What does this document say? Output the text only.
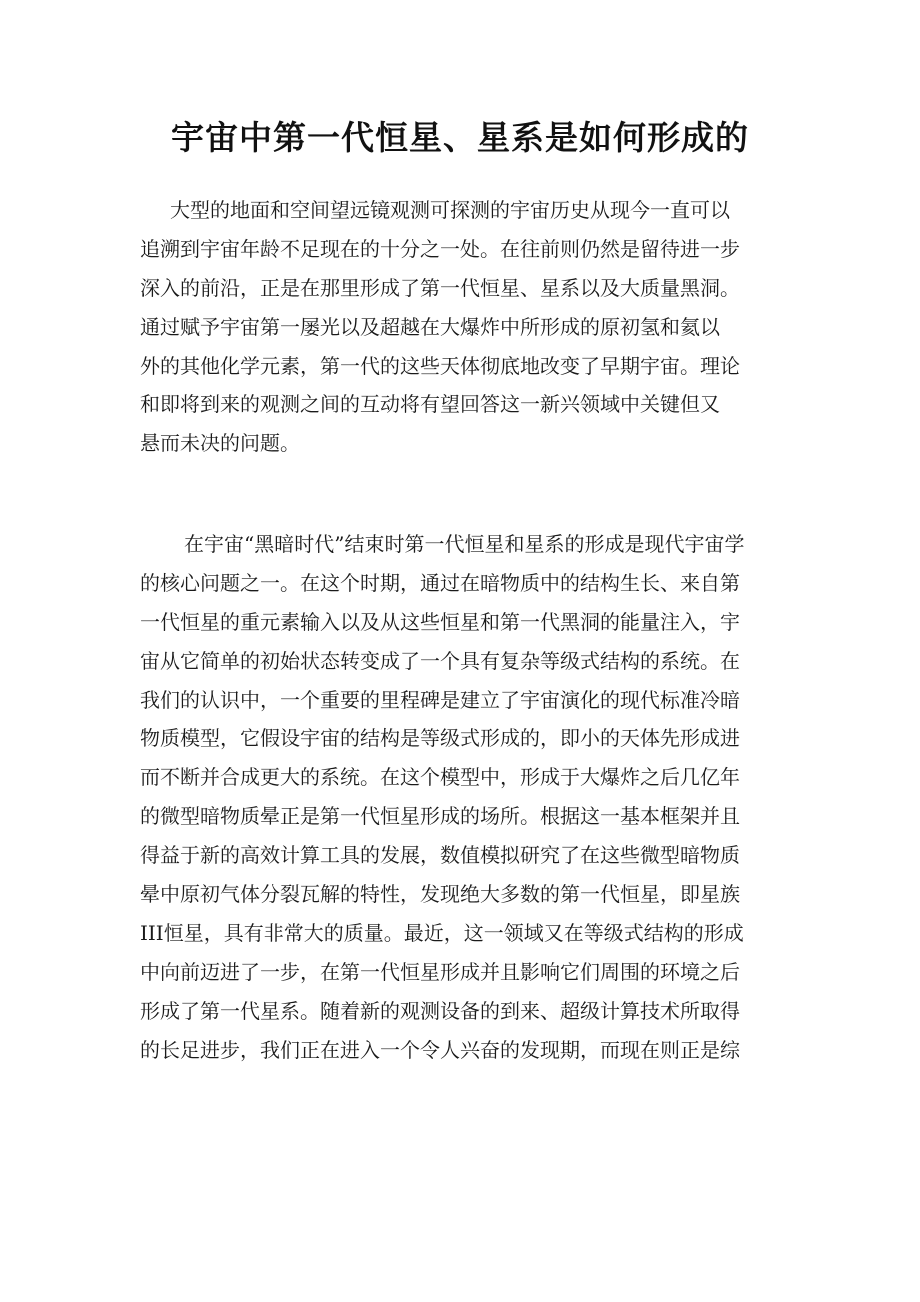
宇宙中第一代恒星、星系是如何形成的
大型的地面和空间望远镜观测可探测的宇宙历史从现今一直可以
追溯到宇宙年龄不足现在的十分之一处。在往前则仍然是留待进一步
深入的前沿，正是在那里形成了第一代恒星、星系以及大质量黑洞。
通过赋予宇宙第一屡光以及超越在大爆炸中所形成的原初氢和氦以
外的其他化学元素，第一代的这些天体彻底地改变了早期宇宙。理论
和即将到来的观测之间的互动将有望回答这一新兴领域中关键但又
悬而未决的问题。
在宇宙“黑暗时代”结束时第一代恒星和星系的形成是现代宇宙学
的核心问题之一。在这个时期，通过在暗物质中的结构生长、来自第
一代恒星的重元素输入以及从这些恒星和第一代黑洞的能量注入，宇
宙从它简单的初始状态转变成了一个具有复杂等级式结构的系统。在
我们的认识中，一个重要的里程碑是建立了宇宙演化的现代标准冷暗
物质模型，它假设宇宙的结构是等级式形成的，即小的天体先形成进
而不断并合成更大的系统。在这个模型中，形成于大爆炸之后几亿年
的微型暗物质晕正是第一代恒星形成的场所。根据这一基本框架并且
得益于新的高效计算工具的发展，数值模拟研究了在这些微型暗物质
晕中原初气体分裂瓦解的特性，发现绝大多数的第一代恒星，即星族
III恒星，具有非常大的质量。最近，这一领域又在等级式结构的形成
中向前迈进了一步，在第一代恒星形成并且影响它们周围的环境之后
形成了第一代星系。随着新的观测设备的到来、超级计算技术所取得
的长足进步，我们正在进入一个令人兴奋的发现期，而现在则正是综
